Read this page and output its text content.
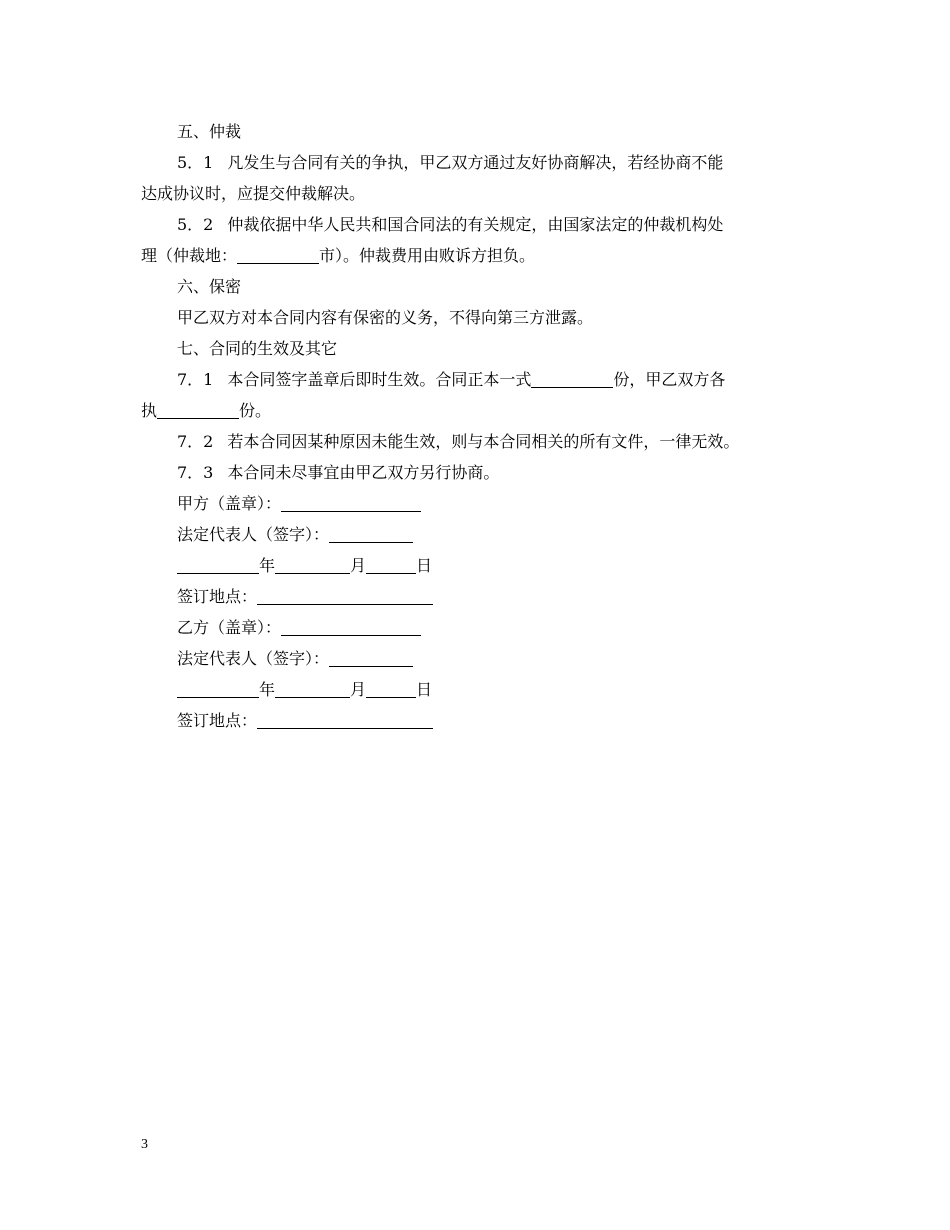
五、仲裁
5．1 凡发生与合同有关的争执，甲乙双方通过友好协商解决，若经协商不能
达成协议时，应提交仲裁解决。
5．2 仲裁依据中华人民共和国合同法的有关规定，由国家法定的仲裁机构处
理（仲裁地：	市）。仲裁费用由败诉方担负。
六、保密
甲乙双方对本合同内容有保密的义务，不得向第三方泄露。
七、合同的生效及其它
7．1 本合同签字盖章后即时生效。合同正本一式	份，甲乙双方各
执	份。
7．2 若本合同因某种原因未能生效，则与本合同相关的所有文件，一律无效。
7．3 本合同未尽事宜由甲乙双方另行协商。
甲方（盖章）：
法定代表人（签字）：
年	月	日
签订地点：
乙方（盖章）：
法定代表人（签字）：
年	月	日
签订地点：
3
